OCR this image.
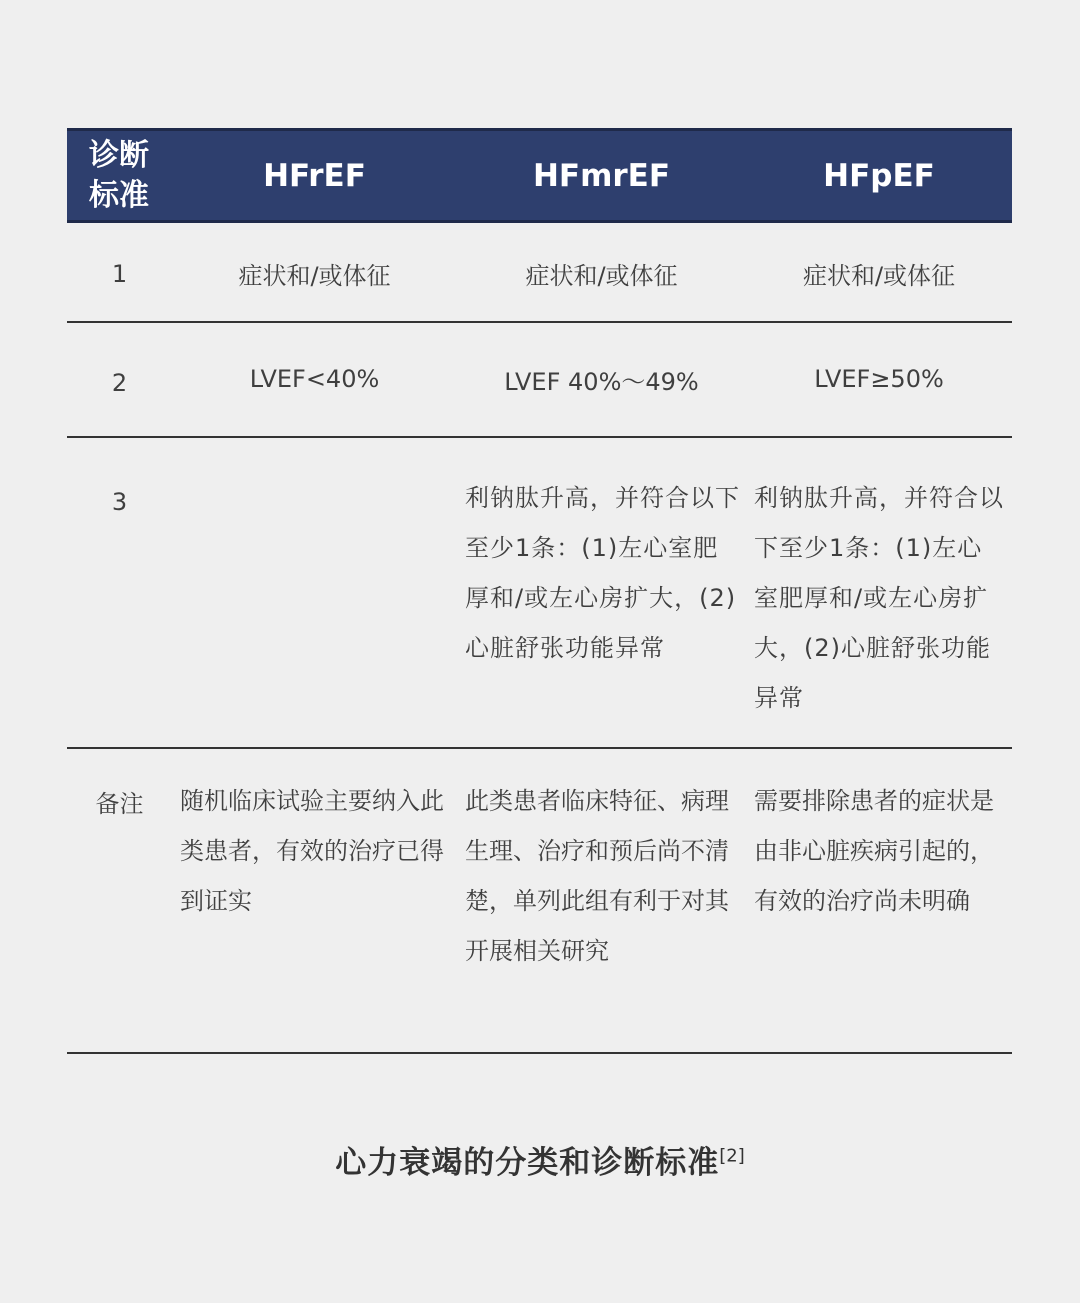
诊断
标准	HFrEF	HFmrEF	HFpEF
1	症状和/或体征	症状和/或体征	症状和/或体征
2	LVEF<40%	LVEF 40%～49%	LVEF≥50%
3		利钠肽升高，并符合以下至少1条：(1)左心室肥厚和/或左心房扩大，(2)心脏舒张功能异常	利钠肽升高，并符合以下至少1条：(1)左心室肥厚和/或左心房扩大，(2)心脏舒张功能异常

备注	随机临床试验主要纳入此类患者，有效的治疗已得到证实	此类患者临床特征、病理生理、治疗和预后尚不清楚，单列此组有利于对其开展相关研究	需要排除患者的症状是由非心脏疾病引起的，有效的治疗尚未明确
心力衰竭的分类和诊断标准[2]
